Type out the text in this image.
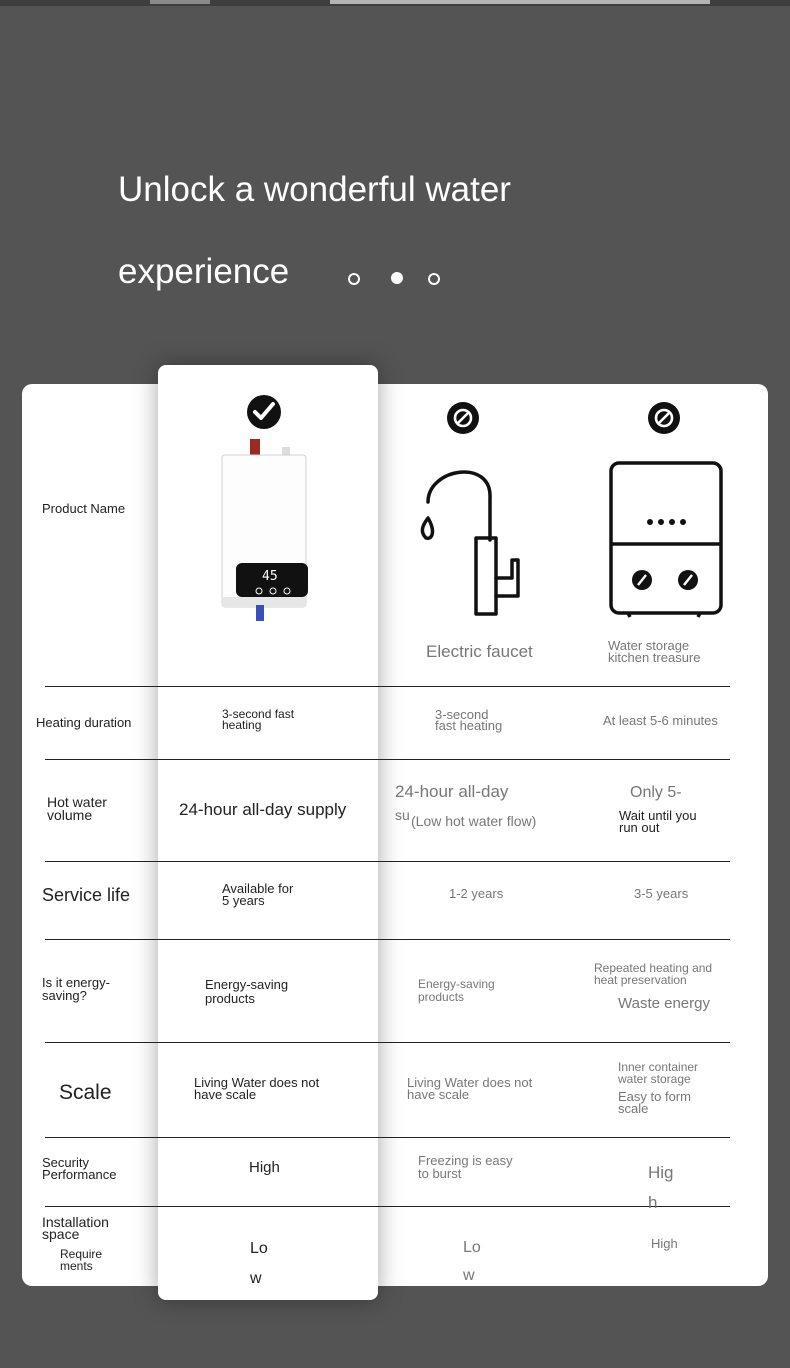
Unlock a wonderful water
experience
45
Product Name
Heating duration
Hot water
volume
Service life
Is it energy-
saving?
Scale
Security
Performance
Installation
space
Require
ments
3-second fast
heating
24-hour all-day supply
Available for
5 years
Energy-saving
products
Living Water does not
have scale
High
Lo
w
Electric faucet
3-second
fast heating
24-hour all-day
su (Low hot water flow)
1-2 years
Energy-saving
products
Living Water does not
have scale
Freezing is easy
to burst
Lo
w
Water storage
kitchen treasure
At least 5-6 minutes
Only 5-
Wait until you
run out
3-5 years
Repeated heating and
heat preservation
Waste energy
Inner container
water storage
Easy to form
scale
Hig
h
High
